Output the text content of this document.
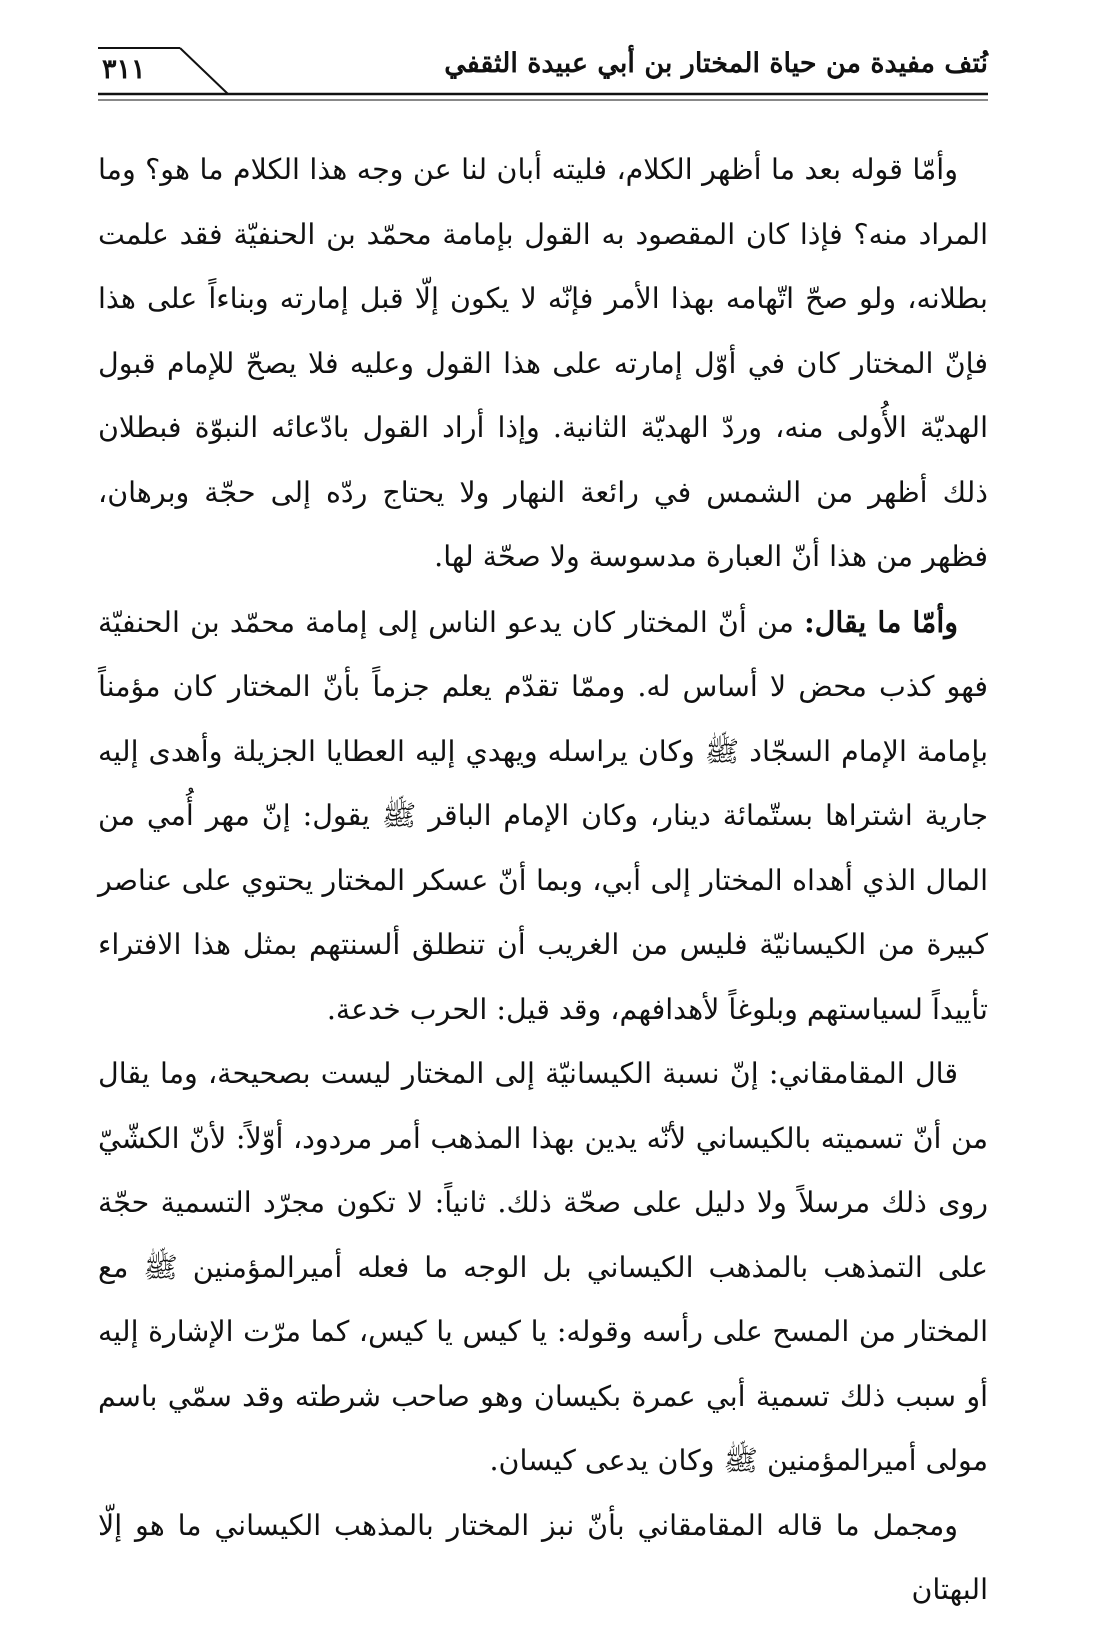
٣١١	نُتف مفيدة من حياة المختار بن أبي عبيدة الثقفي

وأمّا قوله بعد ما أظهر الكلام، فليته أبان لنا عن وجه هذا الكلام ما هو؟ وما المراد منه؟ فإذا كان المقصود به القول بإمامة محمّد بن الحنفيّة فقد علمت بطلانه، ولو صحّ اتّهامه بهذا الأمر فإنّه لا يكون إلّا قبل إمارته وبناءاً على هذا فإنّ المختار كان في أوّل إمارته على هذا القول وعليه فلا يصحّ للإمام قبول الهديّة الأُولى منه، وردّ الهديّة الثانية. وإذا أراد القول بادّعائه النبوّة فبطلان ذلك أظهر من الشمس في رائعة النهار ولا يحتاج ردّه إلى حجّة وبرهان، فظهر من هذا أنّ العبارة مدسوسة ولا صحّة لها.

وأمّا ما يقال: من أنّ المختار كان يدعو الناس إلى إمامة محمّد بن الحنفيّة فهو كذب محض لا أساس له. وممّا تقدّم يعلم جزماً بأنّ المختار كان مؤمناً بإمامة الإمام السجّاد ﷺ وكان يراسله ويهدي إليه العطايا الجزيلة وأهدى إليه جارية اشتراها بستّمائة دينار، وكان الإمام الباقر ﷺ يقول: إنّ مهر أُمي من المال الذي أهداه المختار إلى أبي، وبما أنّ عسكر المختار يحتوي على عناصر كبيرة من الكيسانيّة فليس من الغريب أن تنطلق ألسنتهم بمثل هذا الافتراء تأييداً لسياستهم وبلوغاً لأهدافهم، وقد قيل: الحرب خدعة.

قال المقامقاني: إنّ نسبة الكيسانيّة إلى المختار ليست بصحيحة، وما يقال من أنّ تسميته بالكيساني لأنّه يدين بهذا المذهب أمر مردود، أوّلاً: لأنّ الكشّيّ روى ذلك مرسلاً ولا دليل على صحّة ذلك. ثانياً: لا تكون مجرّد التسمية حجّة على التمذهب بالمذهب الكيساني بل الوجه ما فعله أميرالمؤمنين ﷺ مع المختار من المسح على رأسه وقوله: يا كيس يا كيس، كما مرّت الإشارة إليه أو سبب ذلك تسمية أبي عمرة بكيسان وهو صاحب شرطته وقد سمّي باسم مولى أميرالمؤمنين ﷺ وكان يدعى كيسان.

ومجمل ما قاله المقامقاني بأنّ نبز المختار بالمذهب الكيساني ما هو إلّا البهتان
